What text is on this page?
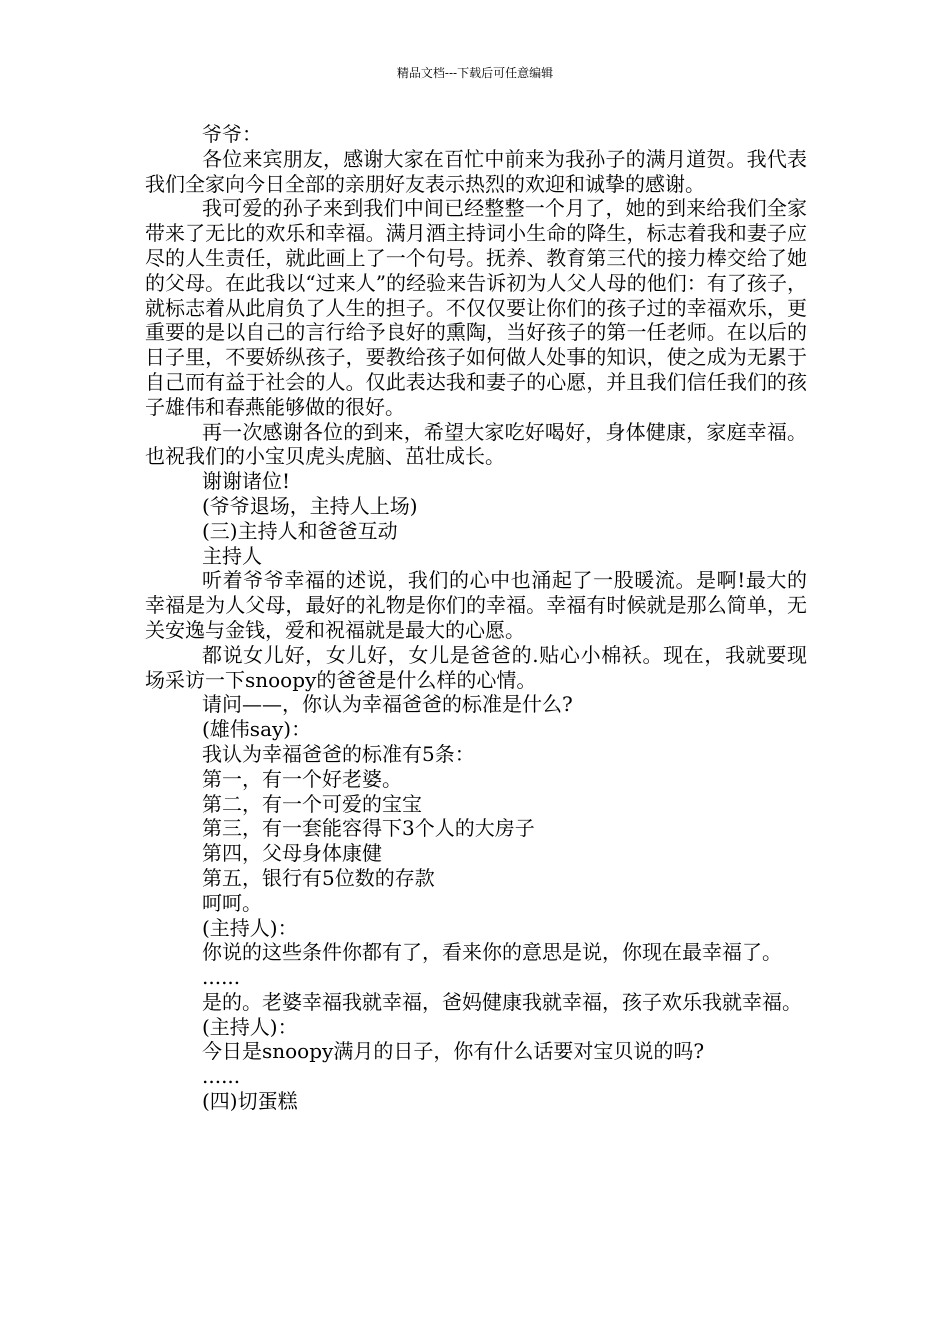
精品文档---下载后可任意编辑

爷爷：

各位来宾朋友，感谢大家在百忙中前来为我孙子的满月道贺。我代表我们全家向今日全部的亲朋好友表示热烈的欢迎和诚挚的感谢。

我可爱的孙子来到我们中间已经整整一个月了，她的到来给我们全家带来了无比的欢乐和幸福。满月酒主持词小生命的降生，标志着我和妻子应尽的人生责任，就此画上了一个句号。抚养、教育第三代的接力棒交给了她的父母。在此我以“过来人”的经验来告诉初为人父人母的他们：有了孩子，就标志着从此肩负了人生的担子。不仅仅要让你们的孩子过的幸福欢乐，更重要的是以自己的言行给予良好的熏陶，当好孩子的第一任老师。在以后的日子里，不要娇纵孩子，要教给孩子如何做人处事的知识，使之成为无累于自己而有益于社会的人。仅此表达我和妻子的心愿，并且我们信任我们的孩子雄伟和春燕能够做的很好。

再一次感谢各位的到来，希望大家吃好喝好，身体健康，家庭幸福。也祝我们的小宝贝虎头虎脑、茁壮成长。

谢谢诸位!

(爷爷退场，主持人上场)

(三)主持人和爸爸互动

主持人

听着爷爷幸福的述说，我们的心中也涌起了一股暖流。是啊!最大的幸福是为人父母，最好的礼物是你们的幸福。幸福有时候就是那么简单，无关安逸与金钱，爱和祝福就是最大的心愿。

都说女儿好，女儿好，女儿是爸爸的.贴心小棉袄。现在，我就要现场采访一下snoopy的爸爸是什么样的心情。

请问——，你认为幸福爸爸的标准是什么?

(雄伟say)：

我认为幸福爸爸的标准有5条：

第一，有一个好老婆。

第二，有一个可爱的宝宝

第三，有一套能容得下3个人的大房子

第四，父母身体康健

第五，银行有5位数的存款

呵呵。

(主持人)：

你说的这些条件你都有了，看来你的意思是说，你现在最幸福了。

......

是的。老婆幸福我就幸福，爸妈健康我就幸福，孩子欢乐我就幸福。

(主持人)：

今日是snoopy满月的日子，你有什么话要对宝贝说的吗?

......

(四)切蛋糕
